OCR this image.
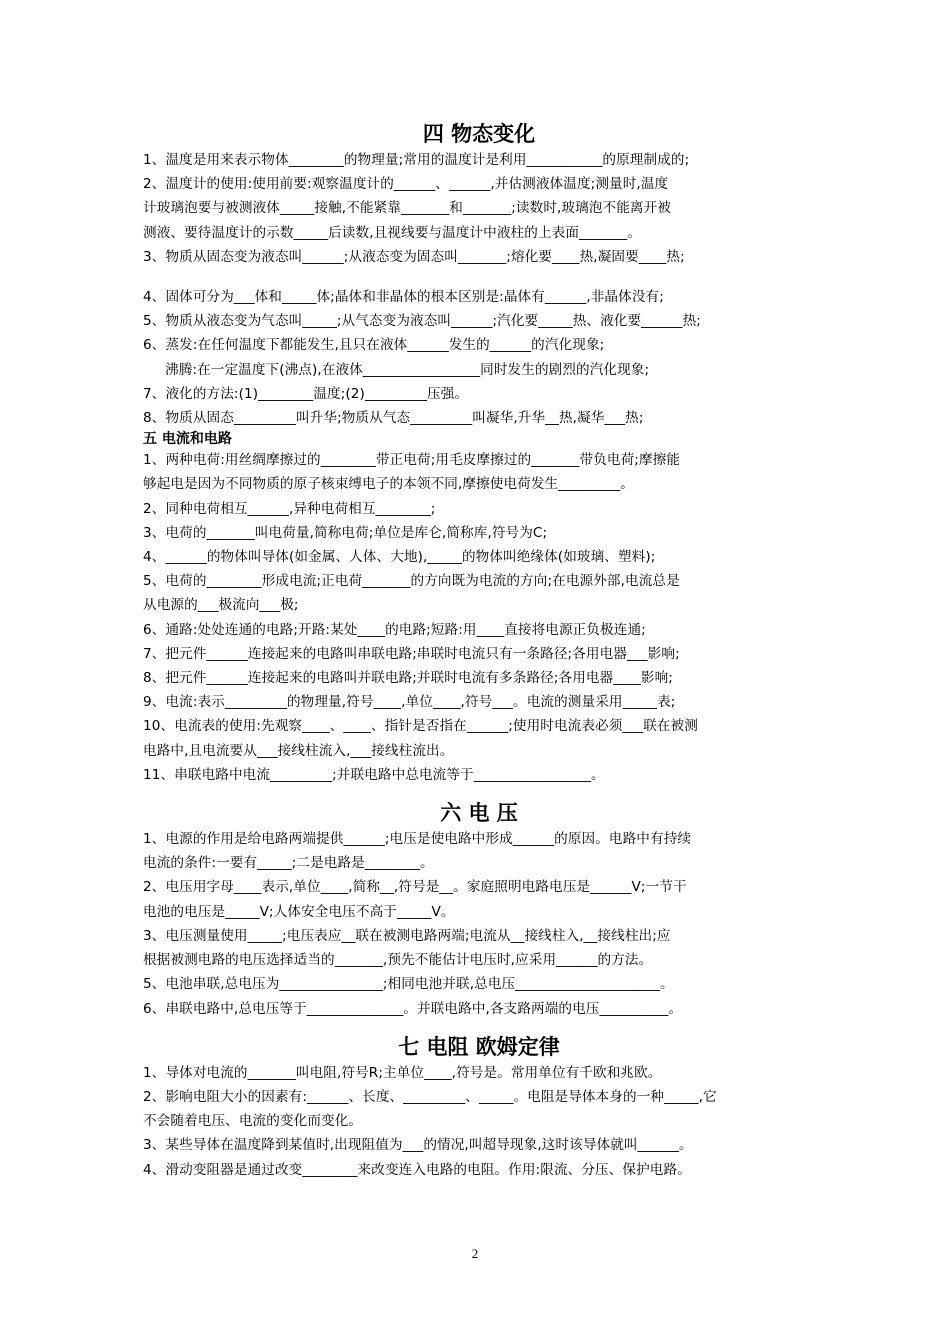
四 物态变化

1、温度是用来表示物体________的物理量;常用的温度计是利用___________的原理制成的;

2、温度计的使用:使用前要:观察温度计的______、______,并估测液体温度;测量时,温度

计玻璃泡要与被测液体_____接触,不能紧靠_______和_______;读数时,玻璃泡不能离开被

测液、要待温度计的示数_____后读数,且视线要与温度计中液柱的上表面_______。

3、物质从固态变为液态叫______;从液态变为固态叫_______;熔化要____热,凝固要____热;

4、固体可分为___体和_____体;晶体和非晶体的根本区别是:晶体有______,非晶体没有;

5、物质从液态变为气态叫_____;从气态变为液态叫______;汽化要_____热、液化要______热;

6、蒸发:在任何温度下都能发生,且只在液体______发生的______的汽化现象;

沸腾:在一定温度下(沸点),在液体_________________同时发生的剧烈的汽化现象;

7、液化的方法:(1)________温度;(2)_________压强。

8、物质从固态_________叫升华;物质从气态_________叫凝华,升华__热,凝华___热;

五 电流和电路

1、两种电荷:用丝绸摩擦过的________带正电荷;用毛皮摩擦过的_______带负电荷;摩擦能

够起电是因为不同物质的原子核束缚电子的本领不同,摩擦使电荷发生_________。

2、同种电荷相互______,异种电荷相互________;

3、电荷的_______叫电荷量,简称电荷;单位是库仑,简称库,符号为C;

4、______的物体叫导体(如金属、人体、大地),_____的物体叫绝缘体(如玻璃、塑料);

5、电荷的________形成电流;正电荷_______的方向既为电流的方向;在电源外部,电流总是

从电源的___极流向___极;

6、通路:处处连通的电路;开路:某处____的电路;短路:用____直接将电源正负极连通;

7、把元件______连接起来的电路叫串联电路;串联时电流只有一条路径;各用电器___影响;

8、把元件______连接起来的电路叫并联电路;并联时电流有多条路径;各用电器____影响;

9、电流:表示_________的物理量,符号____,单位____,符号___。电流的测量采用_____表;

10、电流表的使用:先观察____、____、指针是否指在______;使用时电流表必须___联在被测

电路中,且电流要从___接线柱流入,___接线柱流出。

11、串联电路中电流_________;并联电路中总电流等于_________________。

六 电 压

1、电源的作用是给电路两端提供______;电压是使电路中形成______的原因。电路中有持续

电流的条件:一要有_____;二是电路是________。

2、电压用字母____表示,单位____,简称__,符号是__。家庭照明电路电压是______V;一节干

电池的电压是_____V;人体安全电压不高于_____V。

3、电压测量使用_____;电压表应__联在被测电路两端;电流从__接线柱入,__接线柱出;应

根据被测电路的电压选择适当的_______,预先不能估计电压时,应采用______的方法。

5、电池串联,总电压为_______________;相同电池并联,总电压_____________________。

6、串联电路中,总电压等于______________。并联电路中,各支路两端的电压__________。

七 电阻 欧姆定律

1、导体对电流的_______叫电阻,符号R;主单位____,符号是。常用单位有千欧和兆欧。

2、影响电阻大小的因素有:______、长度、_________、_____。电阻是导体本身的一种_____,它

不会随着电压、电流的变化而变化。

3、某些导体在温度降到某值时,出现阻值为___的情况,叫超导现象,这时该导体就叫______。

4、滑动变阻器是通过改变________来改变连入电路的电阻。作用:限流、分压、保护电路。

2
